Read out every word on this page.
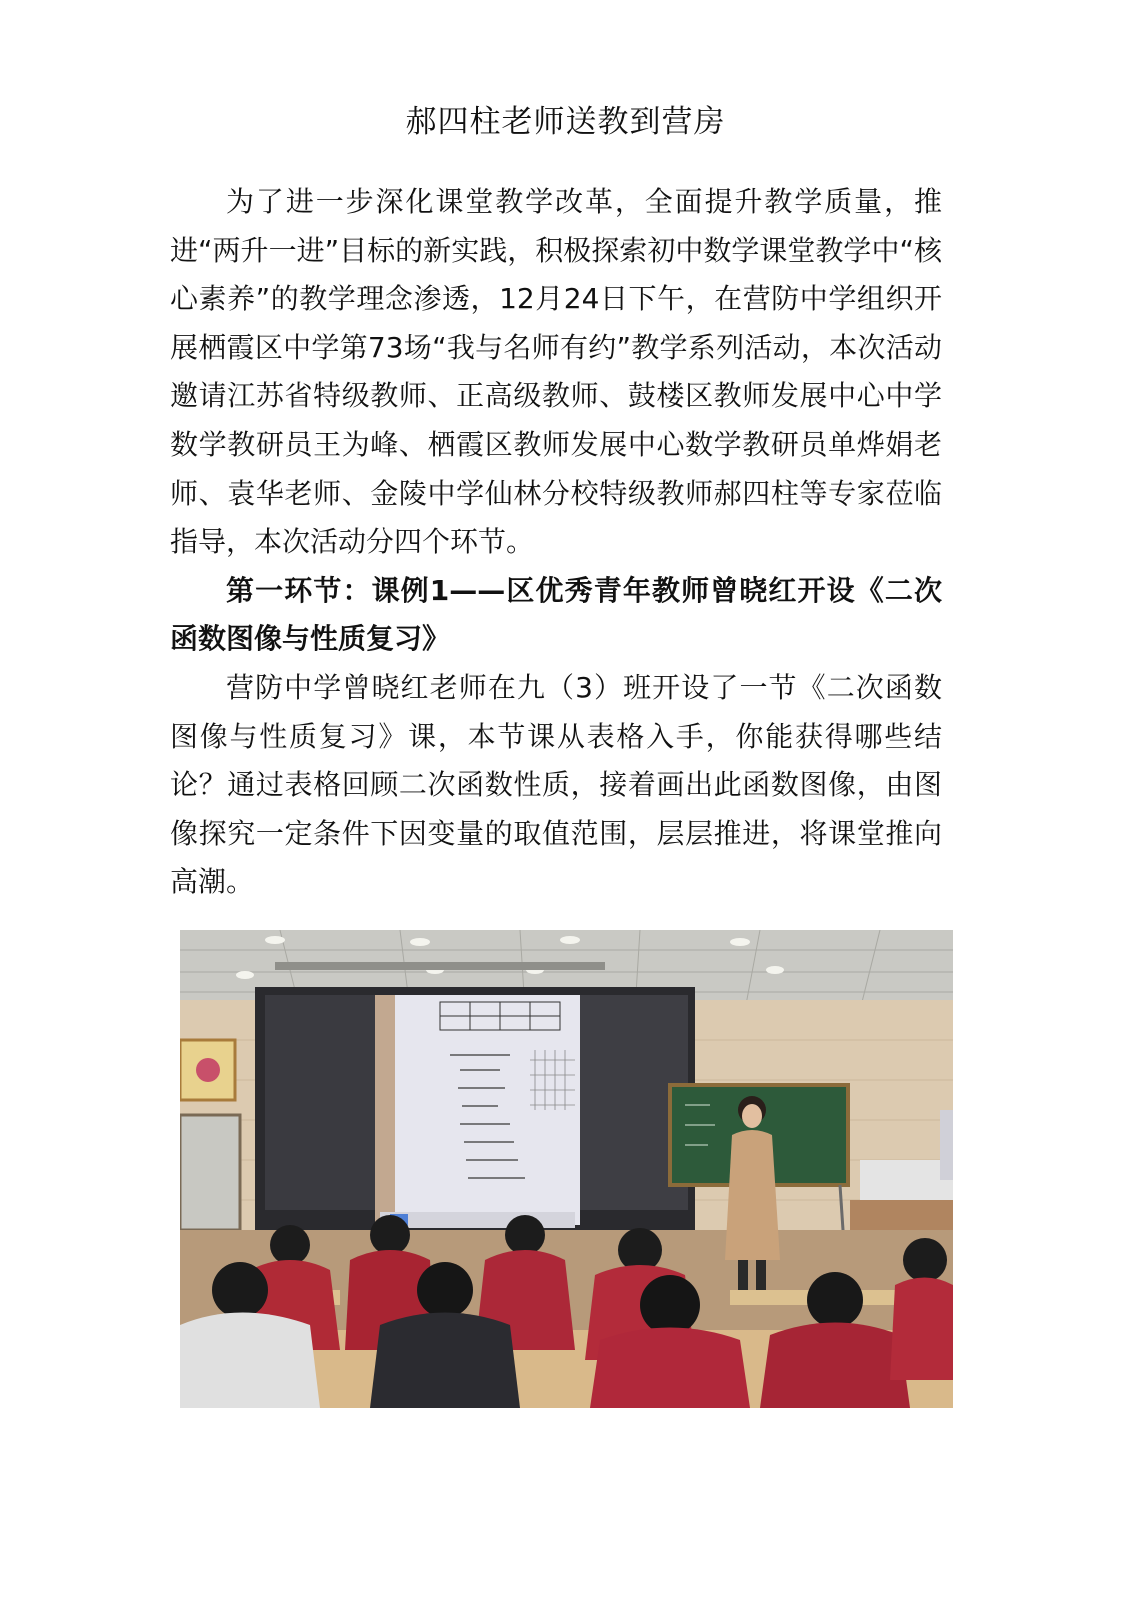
郝四柱老师送教到营房

为了进一步深化课堂教学改革，全面提升教学质量，推进“两升一进”目标的新实践，积极探索初中数学课堂教学中“核心素养”的教学理念渗透，12月24日下午，在营防中学组织开展栖霞区中学第73场“我与名师有约”教学系列活动，本次活动邀请江苏省特级教师、正高级教师、鼓楼区教师发展中心中学数学教研员王为峰、栖霞区教师发展中心数学教研员单烨娟老师、袁华老师、金陵中学仙林分校特级教师郝四柱等专家莅临指导，本次活动分四个环节。

第一环节：课例1——区优秀青年教师曾晓红开设《二次函数图像与性质复习》

营防中学曾晓红老师在九（3）班开设了一节《二次函数图像与性质复习》课，本节课从表格入手，你能获得哪些结论？通过表格回顾二次函数性质，接着画出此函数图像，由图像探究一定条件下因变量的取值范围，层层推进，将课堂推向高潮。
